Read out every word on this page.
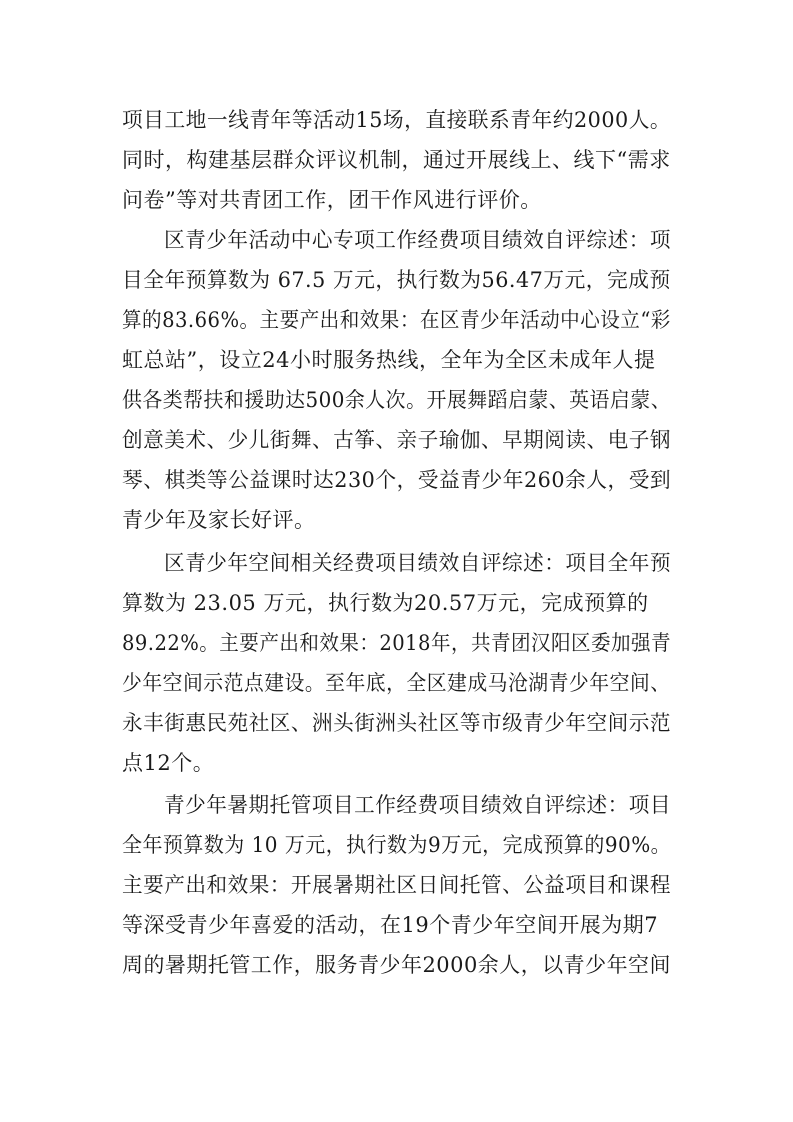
项目工地一线青年等活动15场，直接联系青年约2000人。
同时，构建基层群众评议机制，通过开展线上、线下“需求
问卷”等对共青团工作，团干作风进行评价。
区青少年活动中心专项工作经费项目绩效自评综述：项
目全年预算数为 67.5 万元，执行数为56.47万元，完成预
算的83.66%。主要产出和效果：在区青少年活动中心设立“彩
虹总站”，设立24小时服务热线，全年为全区未成年人提
供各类帮扶和援助达500余人次。开展舞蹈启蒙、英语启蒙、
创意美术、少儿街舞、古筝、亲子瑜伽、早期阅读、电子钢
琴、棋类等公益课时达230个，受益青少年260余人，受到
青少年及家长好评。
区青少年空间相关经费项目绩效自评综述：项目全年预
算数为 23.05 万元，执行数为20.57万元，完成预算的
89.22%。主要产出和效果：2018年，共青团汉阳区委加强青
少年空间示范点建设。至年底，全区建成马沧湖青少年空间、
永丰街惠民苑社区、洲头街洲头社区等市级青少年空间示范
点12个。
青少年暑期托管项目工作经费项目绩效自评综述：项目
全年预算数为 10 万元，执行数为9万元，完成预算的90%。
主要产出和效果：开展暑期社区日间托管、公益项目和课程
等深受青少年喜爱的活动，在19个青少年空间开展为期7
周的暑期托管工作，服务青少年2000余人，以青少年空间
